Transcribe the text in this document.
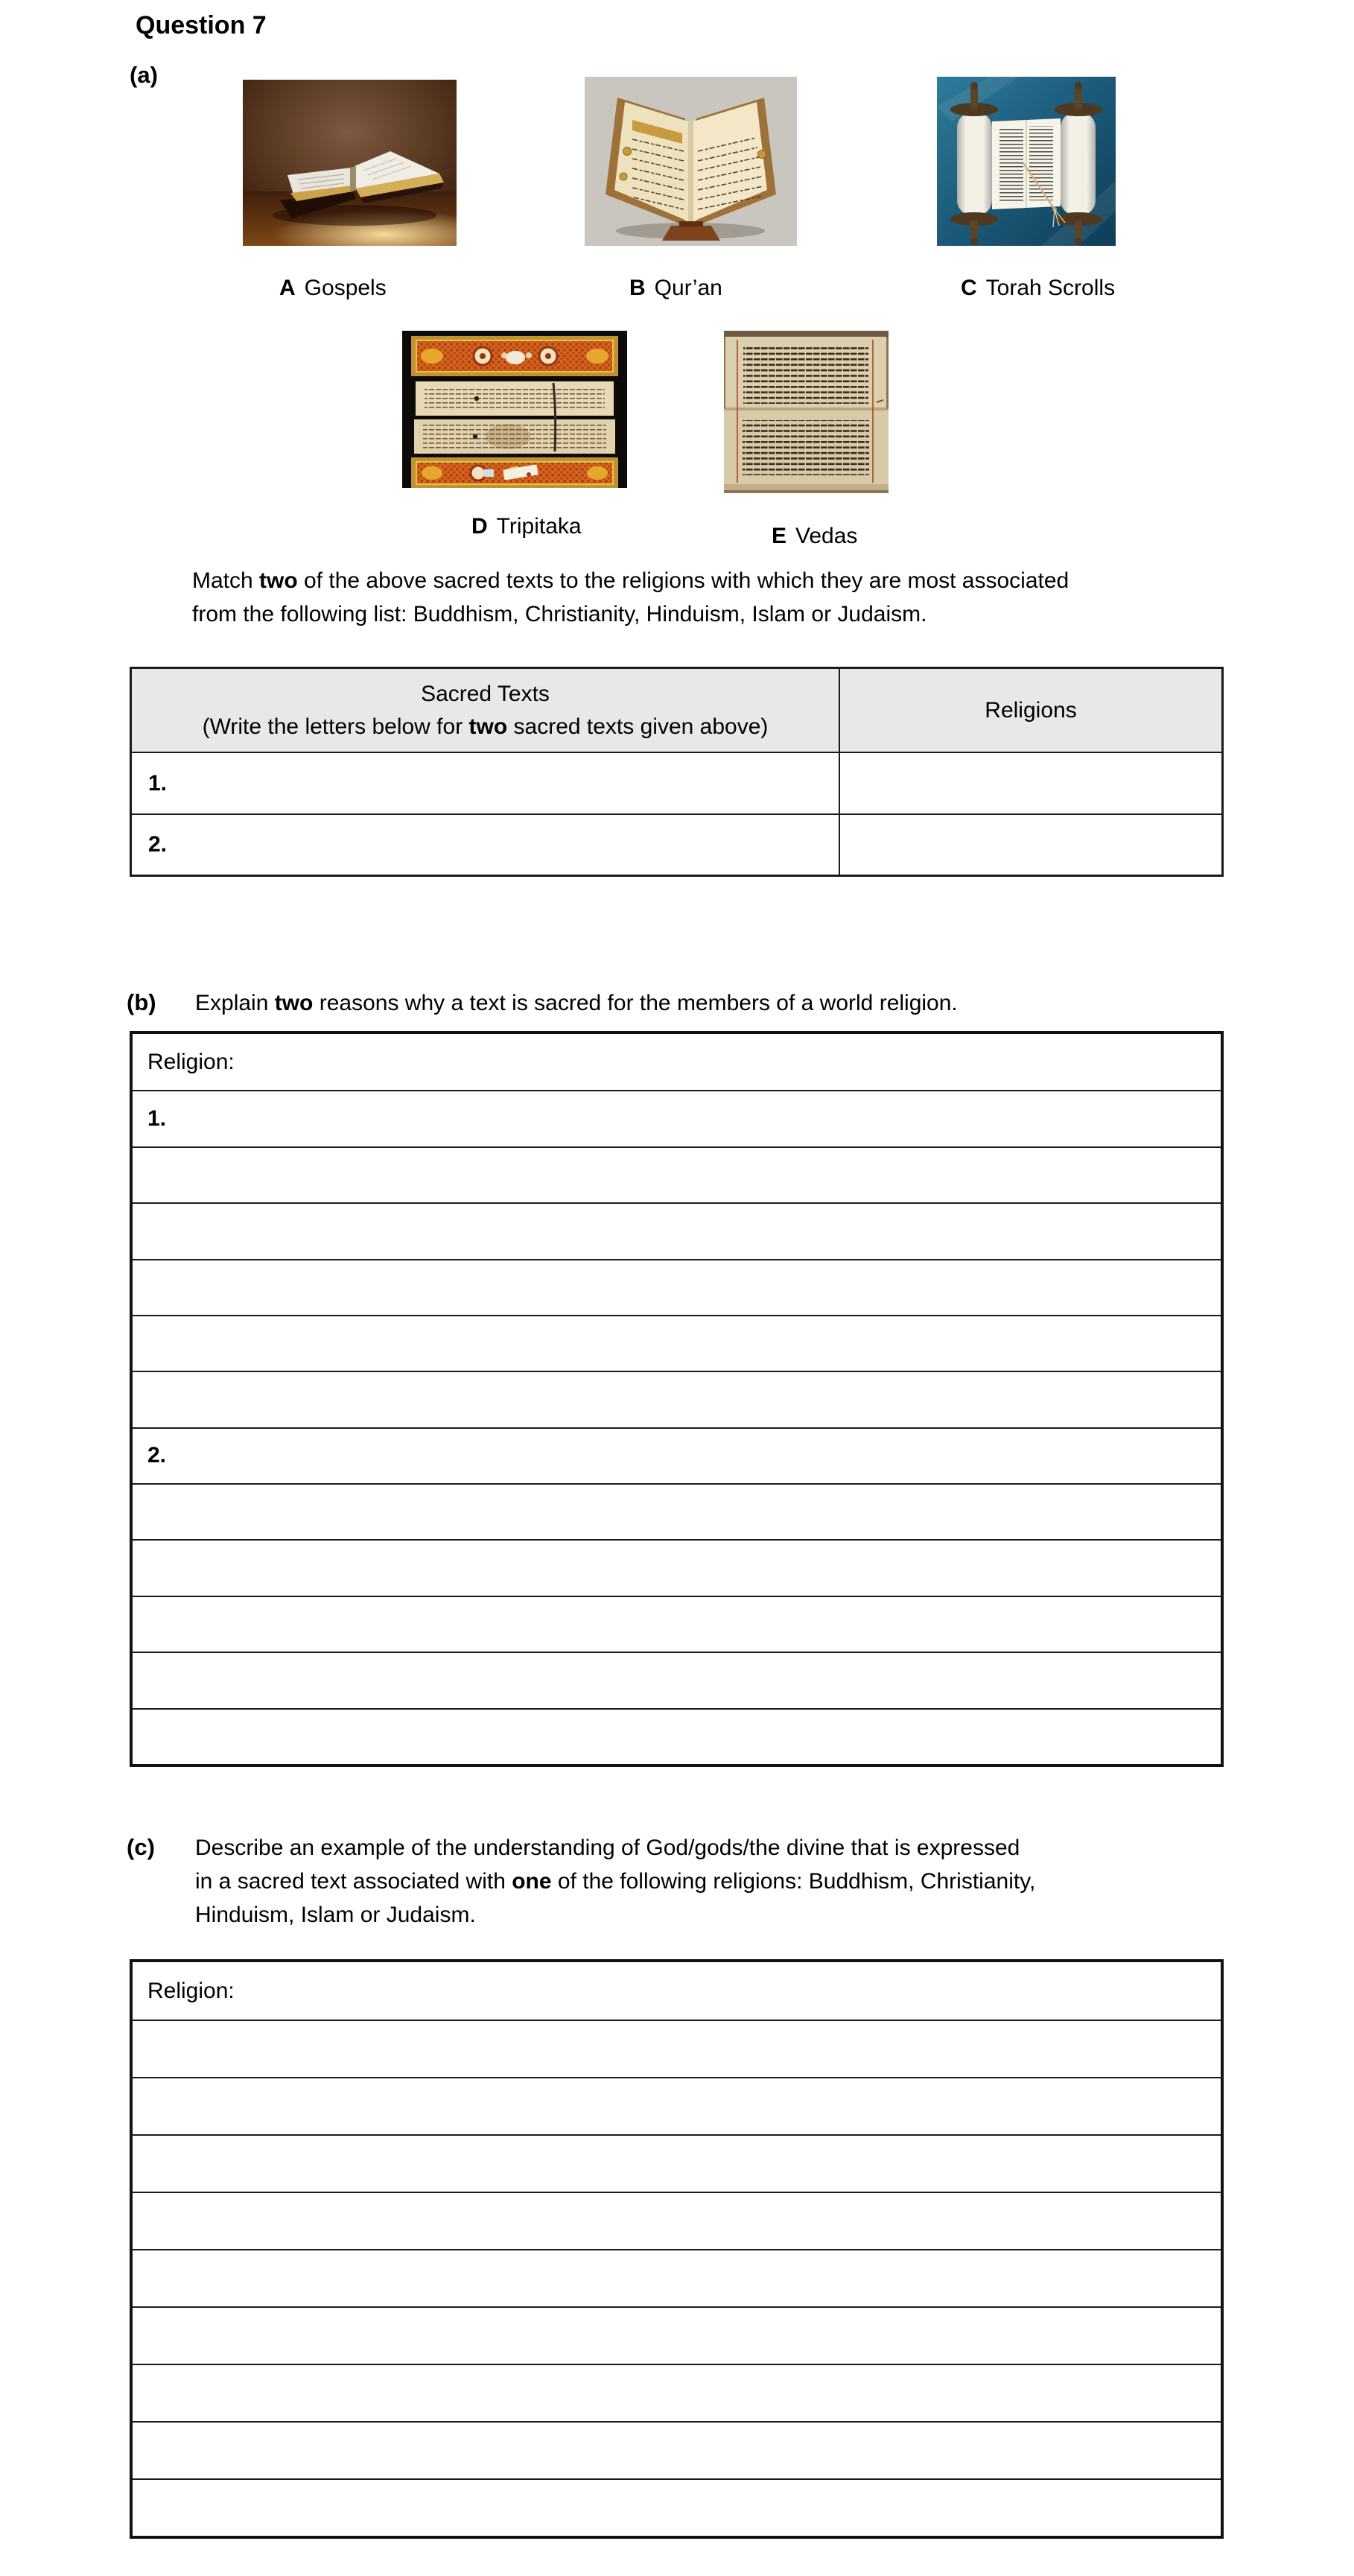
Question 7
(a)
A Gospels	B Qur’an	C Torah Scrolls
D Tripitaka	E Vedas
Match two of the above sacred texts to the religions with which they are most associated
from the following list: Buddhism, Christianity, Hinduism, Islam or Judaism.
Sacred Texts
(Write the letters below for two sacred texts given above)
Religions
1.
2.
(b) Explain two reasons why a text is sacred for the members of a world religion.
Religion:
1.
2.
(c) Describe an example of the understanding of God/gods/the divine that is expressed
in a sacred text associated with one of the following religions: Buddhism, Christianity,
Hinduism, Islam or Judaism.
Religion:
